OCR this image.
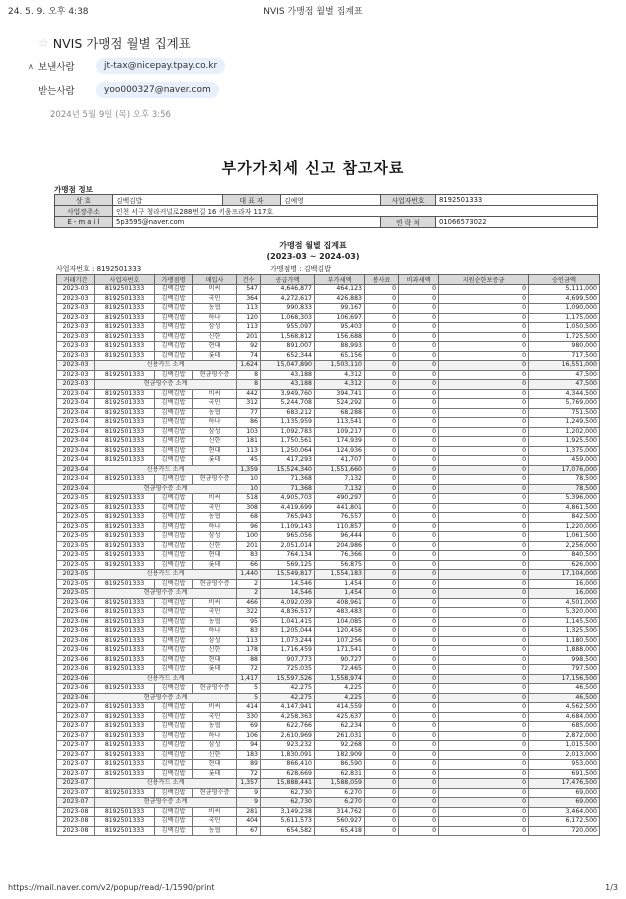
24. 5. 9. 오후 4:38	NVIS 가맹점 월별 집계표
☆ NVIS 가맹점 월별 집계표
∧ 보낸사람	jt-tax@nicepay.tpay.co.kr
받는사람	yoo000327@naver.com
2024년 5월 9일 (목) 오후 3:56
부가가치세 신고 참고자료
가맹점 정보
상 호	김백김밥	대 표 자	김예영	사업자번호	8192501333
사업장주소	인천 서구 청라커널로288번길 16 키움프라자 117호				
E - m a i l	5p3595@naver.com			연 락 처	01066573022
가맹점 월별 집계표
(2023-03 ~ 2024-03)
사업자번호 : 8192501333	가맹점명 : 김백김밥
거래기간	사업자번호	가맹점명	매입사	건수	공급가액	부가세액	봉사료	비과세액	지원순한보증금	승인금액
2023-03	8192501333	김백김밥	비씨	547	4,646,877	464,123	0	0	0	5,111,000
2023-03	8192501333	김백김밥	국민	364	4,272,617	426,883	0	0	0	4,699,500
2023-03	8192501333	김백김밥	농협	113	990,833	99,167	0	0	0	1,090,000
2023-03	8192501333	김백김밥	하나	120	1,068,303	106,697	0	0	0	1,175,000
2023-03	8192501333	김백김밥	삼성	113	955,097	95,403	0	0	0	1,050,500
2023-03	8192501333	김백김밥	신한	201	1,568,812	156,688	0	0	0	1,725,500
2023-03	8192501333	김백김밥	현대	92	891,007	88,993	0	0	0	980,000
2023-03	8192501333	김백김밥	롯데	74	652,344	65,156	0	0	0	717,500
2023-03	신용카드 소계			1,624	15,047,890	1,503,110	0	0	0	16,551,000
2023-03	8192501333	김백김밥	현금영수증	8	43,188	4,312	0	0	0	47,500
2023-03	현금영수증 소계			8	43,188	4,312	0	0	0	47,500
2023-04	8192501333	김백김밥	비씨	442	3,949,760	394,741	0	0	0	4,344,500
2023-04	8192501333	김백김밥	국민	312	5,244,708	524,292	0	0	0	5,769,000
2023-04	8192501333	김백김밥	농협	77	683,212	68,288	0	0	0	751,500
2023-04	8192501333	김백김밥	하나	86	1,135,959	113,541	0	0	0	1,249,500
2023-04	8192501333	김백김밥	삼성	103	1,092,783	109,217	0	0	0	1,202,000
2023-04	8192501333	김백김밥	신한	181	1,750,561	174,939	0	0	0	1,925,500
2023-04	8192501333	김백김밥	현대	113	1,250,064	124,936	0	0	0	1,375,000
2023-04	8192501333	김백김밥	롯데	45	417,293	41,707	0	0	0	459,000
2023-04	신용카드 소계			1,359	15,524,340	1,551,660	0	0	0	17,076,000
2023-04	8192501333	김백김밥	현금영수증	10	71,368	7,132	0	0	0	78,500
2023-04	현금영수증 소계			10	71,368	7,132	0	0	0	78,500
2023-05	8192501333	김백김밥	비씨	518	4,905,703	490,297	0	0	0	5,396,000
2023-05	8192501333	김백김밥	국민	308	4,419,699	441,801	0	0	0	4,861,500
2023-05	8192501333	김백김밥	농협	68	765,943	76,557	0	0	0	842,500
2023-05	8192501333	김백김밥	하나	96	1,109,143	110,857	0	0	0	1,220,000
2023-05	8192501333	김백김밥	삼성	100	965,056	96,444	0	0	0	1,061,500
2023-05	8192501333	김백김밥	신한	201	2,051,014	204,986	0	0	0	2,256,000
2023-05	8192501333	김백김밥	현대	83	764,134	76,366	0	0	0	840,500
2023-05	8192501333	김백김밥	롯데	66	569,125	56,875	0	0	0	626,000
2023-05	신용카드 소계			1,440	15,549,817	1,554,183	0	0	0	17,104,000
2023-05	8192501333	김백김밥	현금영수증	2	14,546	1,454	0	0	0	16,000
2023-05	현금영수증 소계			2	14,546	1,454	0	0	0	16,000
2023-06	8192501333	김백김밥	비씨	466	4,092,039	408,961	0	0	0	4,501,000
2023-06	8192501333	김백김밥	국민	322	4,836,517	483,483	0	0	0	5,320,000
2023-06	8192501333	김백김밥	농협	95	1,041,415	104,085	0	0	0	1,145,500
2023-06	8192501333	김백김밥	하나	83	1,205,044	120,456	0	0	0	1,325,500
2023-06	8192501333	김백김밥	삼성	113	1,073,244	107,256	0	0	0	1,180,500
2023-06	8192501333	김백김밥	신한	178	1,716,459	171,541	0	0	0	1,888,000
2023-06	8192501333	김백김밥	현대	88	907,773	90,727	0	0	0	998,500
2023-06	8192501333	김백김밥	롯데	72	725,035	72,465	0	0	0	797,500
2023-06	신용카드 소계			1,417	15,597,526	1,558,974	0	0	0	17,156,500
2023-06	8192501333	김백김밥	현금영수증	5	42,275	4,225	0	0	0	46,500
2023-06	현금영수증 소계			5	42,275	4,225	0	0	0	46,500
2023-07	8192501333	김백김밥	비씨	414	4,147,941	414,559	0	0	0	4,562,500
2023-07	8192501333	김백김밥	국민	330	4,258,363	425,637	0	0	0	4,684,000
2023-07	8192501333	김백김밥	농협	69	622,766	62,234	0	0	0	685,000
2023-07	8192501333	김백김밥	하나	106	2,610,969	261,031	0	0	0	2,872,000
2023-07	8192501333	김백김밥	삼성	94	923,232	92,268	0	0	0	1,015,500
2023-07	8192501333	김백김밥	신한	183	1,830,091	182,909	0	0	0	2,013,000
2023-07	8192501333	김백김밥	현대	89	866,410	86,590	0	0	0	953,000
2023-07	8192501333	김백김밥	롯데	72	628,669	62,831	0	0	0	691,500
2023-07	신용카드 소계			1,357	15,888,441	1,588,059	0	0	0	17,476,500
2023-07	8192501333	김백김밥	현금영수증	9	62,730	6,270	0	0	0	69,000
2023-07	현금영수증 소계			9	62,730	6,270	0	0	0	69,000
2023-08	8192501333	김백김밥	비씨	281	3,149,238	314,762	0	0	0	3,464,000
2023-08	8192501333	김백김밥	국민	404	5,611,573	560,927	0	0	0	6,172,500
2023-08	8192501333	김백김밥	농협	67	654,582	65,418	0	0	0	720,000
https://mail.naver.com/v2/popup/read/-1/1590/print	1/3
